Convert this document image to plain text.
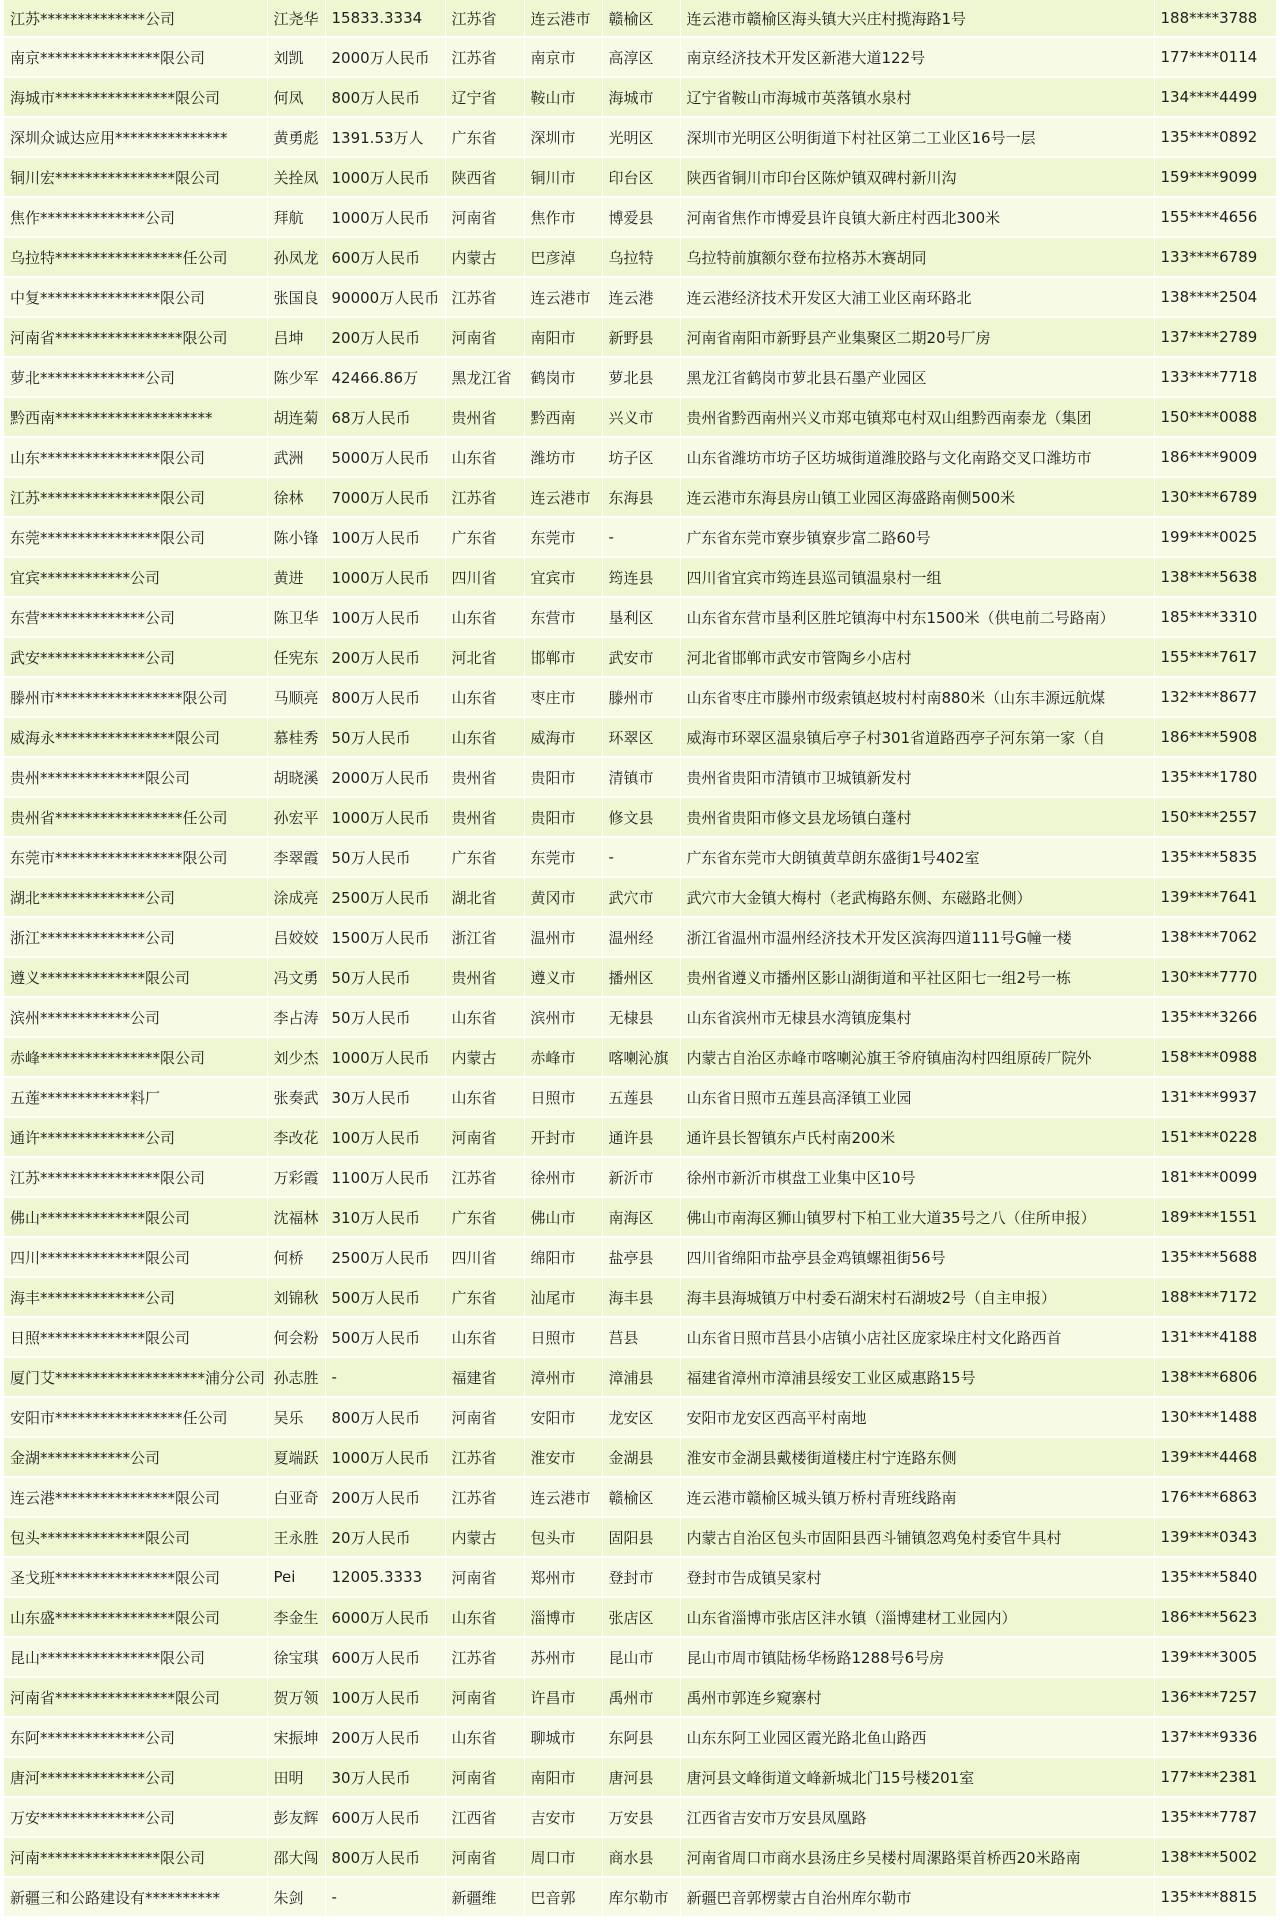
江苏**************公司	江尧华	15833.3334	江苏省	连云港市	赣榆区	连云港市赣榆区海头镇大兴庄村揽海路1号	188****3788
南京****************限公司	刘凯	2000万人民币	江苏省	南京市	高淳区	南京经济技术开发区新港大道122号	177****0114
海城市****************限公司	何凤	800万人民币	辽宁省	鞍山市	海城市	辽宁省鞍山市海城市英落镇水泉村	134****4499
深圳众诚达应用***************	黄勇彪	1391.53万人	广东省	深圳市	光明区	深圳市光明区公明街道下村社区第二工业区16号一层	135****0892
铜川宏****************限公司	关拴凤	1000万人民币	陕西省	铜川市	印台区	陕西省铜川市印台区陈炉镇双碑村新川沟	159****9099
焦作**************公司	拜航	1000万人民币	河南省	焦作市	博爱县	河南省焦作市博爱县许良镇大新庄村西北300米	155****4656
乌拉特*****************任公司	孙凤龙	600万人民币	内蒙古	巴彦淖	乌拉特	乌拉特前旗额尔登布拉格苏木赛胡同	133****6789
中复****************限公司	张国良	90000万人民币	江苏省	连云港市	连云港	连云港经济技术开发区大浦工业区南环路北	138****2504
河南省*****************限公司	吕坤	200万人民币	河南省	南阳市	新野县	河南省南阳市新野县产业集聚区二期20号厂房	137****2789
萝北**************公司	陈少军	42466.86万	黑龙江省	鹤岗市	萝北县	黑龙江省鹤岗市萝北县石墨产业园区	133****7718
黔西南*********************	胡连菊	68万人民币	贵州省	黔西南	兴义市	贵州省黔西南州兴义市郑屯镇郑屯村双山组黔西南泰龙（集团	150****0088
山东****************限公司	武洲	5000万人民币	山东省	潍坊市	坊子区	山东省潍坊市坊子区坊城街道潍胶路与文化南路交叉口潍坊市	186****9009
江苏****************限公司	徐林	7000万人民币	江苏省	连云港市	东海县	连云港市东海县房山镇工业园区海盛路南侧500米	130****6789
东莞****************限公司	陈小锋	100万人民币	广东省	东莞市	-	广东省东莞市寮步镇寮步富二路60号	199****0025
宜宾************公司	黄进	1000万人民币	四川省	宜宾市	筠连县	四川省宜宾市筠连县巡司镇温泉村一组	138****5638
东营**************公司	陈卫华	100万人民币	山东省	东营市	垦利区	山东省东营市垦利区胜坨镇海中村东1500米（供电前二号路南）	185****3310
武安**************公司	任宪东	200万人民币	河北省	邯郸市	武安市	河北省邯郸市武安市管陶乡小店村	155****7617
滕州市*****************限公司	马顺亮	800万人民币	山东省	枣庄市	滕州市	山东省枣庄市滕州市级索镇赵坡村村南880米（山东丰源远航煤	132****8677
威海永****************限公司	慕桂秀	50万人民币	山东省	威海市	环翠区	威海市环翠区温泉镇后亭子村301省道路西亭子河东第一家（自	186****5908
贵州**************限公司	胡晓溪	2000万人民币	贵州省	贵阳市	清镇市	贵州省贵阳市清镇市卫城镇新发村	135****1780
贵州省*****************任公司	孙宏平	1000万人民币	贵州省	贵阳市	修文县	贵州省贵阳市修文县龙场镇白蓬村	150****2557
东莞市*****************限公司	李翠霞	50万人民币	广东省	东莞市	-	广东省东莞市大朗镇黄草朗东盛街1号402室	135****5835
湖北**************公司	涂成亮	2500万人民币	湖北省	黄冈市	武穴市	武穴市大金镇大梅村（老武梅路东侧、东磁路北侧）	139****7641
浙江**************公司	吕姣姣	1500万人民币	浙江省	温州市	温州经	浙江省温州市温州经济技术开发区滨海四道111号G幢一楼	138****7062
遵义**************限公司	冯文勇	50万人民币	贵州省	遵义市	播州区	贵州省遵义市播州区影山湖街道和平社区阳七一组2号一栋	130****7770
滨州************公司	李占涛	50万人民币	山东省	滨州市	无棣县	山东省滨州市无棣县水湾镇庞集村	135****3266
赤峰****************限公司	刘少杰	1000万人民币	内蒙古	赤峰市	喀喇沁旗	内蒙古自治区赤峰市喀喇沁旗王爷府镇庙沟村四组原砖厂院外	158****0988
五莲************料厂	张奏武	30万人民币	山东省	日照市	五莲县	山东省日照市五莲县高泽镇工业园	131****9937
通许**************公司	李改花	100万人民币	河南省	开封市	通许县	通许县长智镇东卢氏村南200米	151****0228
江苏****************限公司	万彩霞	1100万人民币	江苏省	徐州市	新沂市	徐州市新沂市棋盘工业集中区10号	181****0099
佛山**************限公司	沈福林	310万人民币	广东省	佛山市	南海区	佛山市南海区狮山镇罗村下柏工业大道35号之八（住所申报）	189****1551
四川**************限公司	何桥	2500万人民币	四川省	绵阳市	盐亭县	四川省绵阳市盐亭县金鸡镇螺祖街56号	135****5688
海丰**************公司	刘锦秋	500万人民币	广东省	汕尾市	海丰县	海丰县海城镇万中村委石湖宋村石湖坡2号（自主申报）	188****7172
日照**************限公司	何会粉	500万人民币	山东省	日照市	莒县	山东省日照市莒县小店镇小店社区庞家垛庄村文化路西首	131****4188
厦门艾********************浦分公司	孙志胜	-	福建省	漳州市	漳浦县	福建省漳州市漳浦县绥安工业区威惠路15号	138****6806
安阳市*****************任公司	吴乐	800万人民币	河南省	安阳市	龙安区	安阳市龙安区西高平村南地	130****1488
金湖************公司	夏端跃	1000万人民币	江苏省	淮安市	金湖县	淮安市金湖县戴楼街道楼庄村宁连路东侧	139****4468
连云港****************限公司	白亚奇	200万人民币	江苏省	连云港市	赣榆区	连云港市赣榆区城头镇万桥村青班线路南	176****6863
包头**************限公司	王永胜	20万人民币	内蒙古	包头市	固阳县	内蒙古自治区包头市固阳县西斗铺镇忽鸡兔村委官牛具村	139****0343
圣戈班****************限公司	Pei	12005.3333	河南省	郑州市	登封市	登封市告成镇吴家村	135****5840
山东盛****************限公司	李金生	6000万人民币	山东省	淄博市	张店区	山东省淄博市张店区沣水镇（淄博建材工业园内）	186****5623
昆山****************限公司	徐宝琪	600万人民币	江苏省	苏州市	昆山市	昆山市周市镇陆杨华杨路1288号6号房	139****3005
河南省****************限公司	贺万领	100万人民币	河南省	许昌市	禹州市	禹州市郭连乡窥寨村	136****7257
东阿**************公司	宋振坤	200万人民币	山东省	聊城市	东阿县	山东东阿工业园区霞光路北鱼山路西	137****9336
唐河**************公司	田明	30万人民币	河南省	南阳市	唐河县	唐河县文峰街道文峰新城北门15号楼201室	177****2381
万安**************公司	彭友辉	600万人民币	江西省	吉安市	万安县	江西省吉安市万安县凤凰路	135****7787
河南****************限公司	邵大闯	800万人民币	河南省	周口市	商水县	河南省周口市商水县汤庄乡吴楼村周漯路渠首桥西20米路南	138****5002
新疆三和公路建设有**********	朱剑	-	新疆维	巴音郭	库尔勒市	新疆巴音郭楞蒙古自治州库尔勒市	135****8815
